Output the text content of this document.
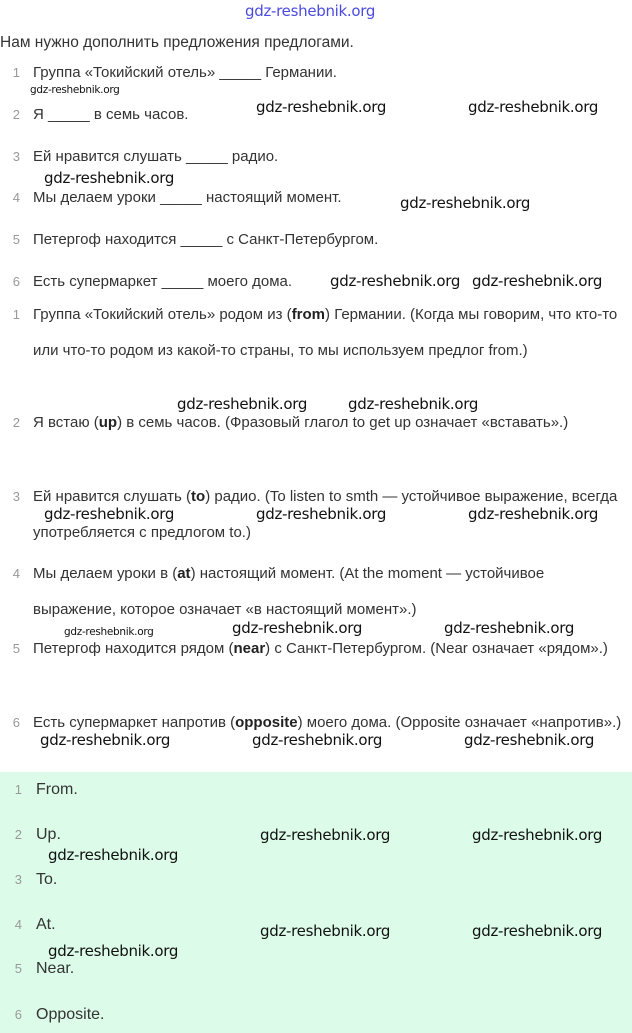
Нам нужно дополнить предложения предлогами.
1 Группа «Токийский отель» _____ Германии.
2 Я _____ в семь часов.
3 Ей нравится слушать _____ радио.
4 Мы делаем уроки _____ настоящий момент.
5 Петергоф находится _____ с Санкт-Петербургом.
6 Есть супермаркет _____ моего дома.
1 Группа «Токийский отель» родом из (from) Германии. (Когда мы говорим, что кто-то или что-то родом из какой-то страны, то мы используем предлог from.)
2 Я встаю (up) в семь часов. (Фразовый глагол to get up означает «вставать».)
3 Ей нравится слушать (to) радио. (To listen to smth — устойчивое выражение, всегда употребляется с предлогом to.)
4 Мы делаем уроки в (at) настоящий момент. (At the moment — устойчивое выражение, которое означает «в настоящий момент».)
5 Петергоф находится рядом (near) с Санкт-Петербургом. (Near означает «рядом».)
6 Есть супермаркет напротив (opposite) моего дома. (Opposite означает «напротив».)
1 From.
2 Up.
3 To.
4 At.
5 Near.
6 Opposite.
gdz-reshebnik.org
gdz-reshebnik.org
gdz-reshebnik.org	gdz-reshebnik.org
gdz-reshebnik.org
gdz-reshebnik.org
gdz-reshebnik.org gdz-reshebnik.org
gdz-reshebnik.org	gdz-reshebnik.org
gdz-reshebnik.org	gdz-reshebnik.org	gdz-reshebnik.org
gdz-reshebnik.org	gdz-reshebnik.org
gdz-reshebnik.org
gdz-reshebnik.org	gdz-reshebnik.org	gdz-reshebnik.org
gdz-reshebnik.org	gdz-reshebnik.org
gdz-reshebnik.org
gdz-reshebnik.org	gdz-reshebnik.org
gdz-reshebnik.org
